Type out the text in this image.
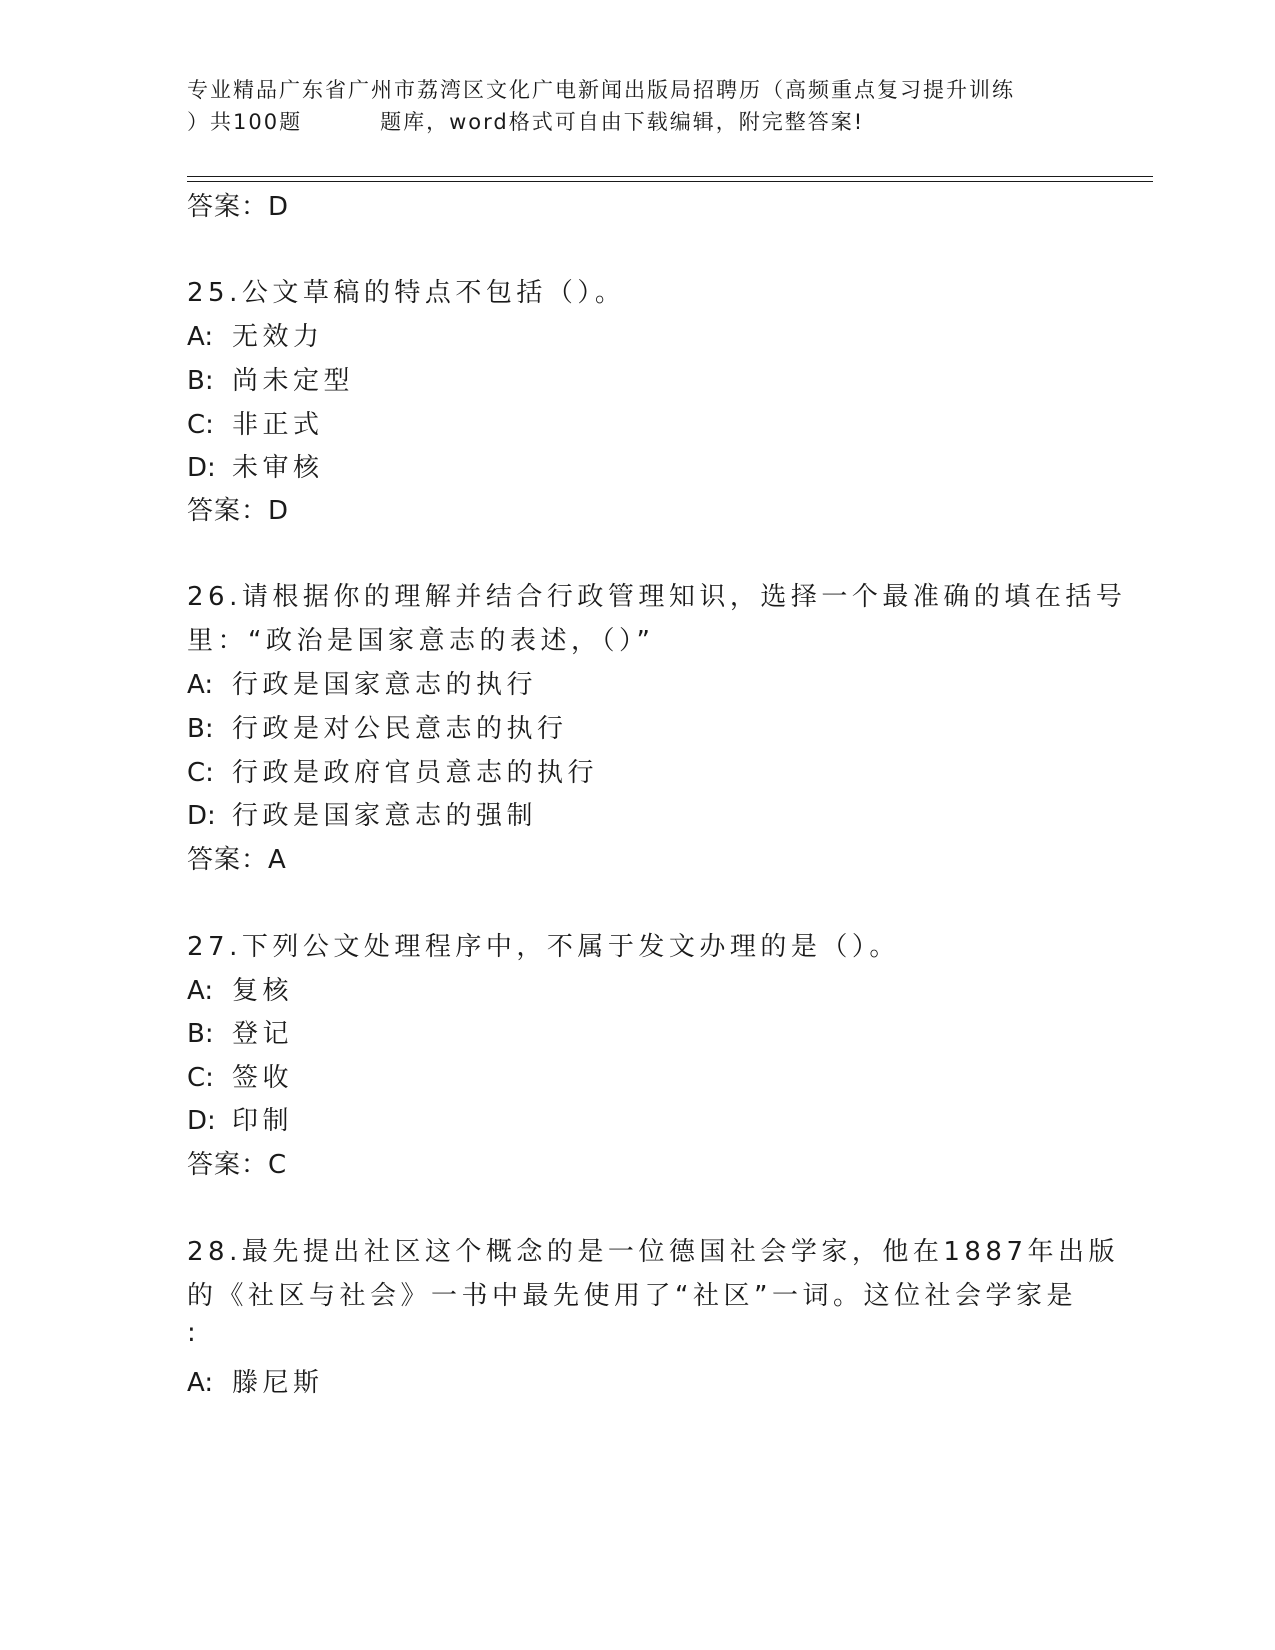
专业精品广东省广州市荔湾区文化广电新闻出版局招聘历（高频重点复习提升训练
）共100题	题库，word格式可自由下载编辑，附完整答案!
答案：D
25.公文草稿的特点不包括（）。
A: 无效力
B: 尚未定型
C: 非正式
D: 未审核
答案：D
26.请根据你的理解并结合行政管理知识，选择一个最准确的填在括号
里：“政治是国家意志的表述，（）”
A: 行政是国家意志的执行
B: 行政是对公民意志的执行
C: 行政是政府官员意志的执行
D: 行政是国家意志的强制
答案：A
27.下列公文处理程序中，不属于发文办理的是（）。
A: 复核
B: 登记
C: 签收
D: 印制
答案：C
28.最先提出社区这个概念的是一位德国社会学家，他在1887年出版
的《社区与社会》一书中最先使用了“社区”一词。这位社会学家是
:
A: 滕尼斯
